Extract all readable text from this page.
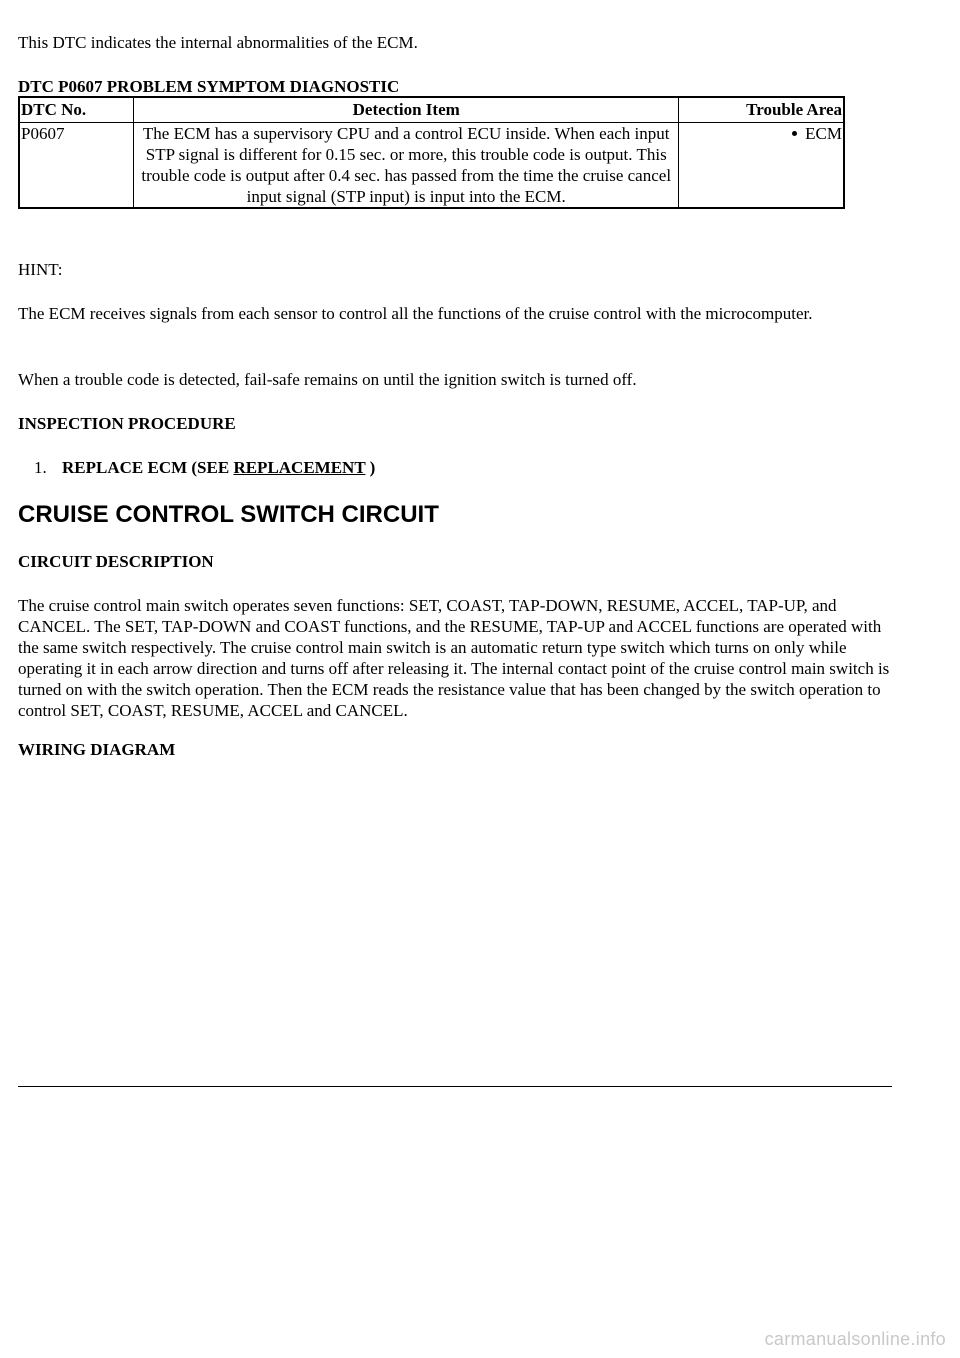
This DTC indicates the internal abnormalities of the ECM.

DTC P0607 PROBLEM SYMPTOM DIAGNOSTIC

DTC No.	Detection Item	Trouble Area
P0607	The ECM has a supervisory CPU and a control ECU inside. When each input STP signal is different for 0.15 sec. or more, this trouble code is output. This trouble code is output after 0.4 sec. has passed from the time the cruise cancel input signal (STP input) is input into the ECM.	ECM

HINT:

The ECM receives signals from each sensor to control all the functions of the cruise control with the microcomputer.

When a trouble code is detected, fail-safe remains on until the ignition switch is turned off.

INSPECTION PROCEDURE

1. REPLACE ECM (SEE REPLACEMENT )

CRUISE CONTROL SWITCH CIRCUIT

CIRCUIT DESCRIPTION

The cruise control main switch operates seven functions: SET, COAST, TAP-DOWN, RESUME, ACCEL, TAP-UP, and CANCEL. The SET, TAP-DOWN and COAST functions, and the RESUME, TAP-UP and ACCEL functions are operated with the same switch respectively. The cruise control main switch is an automatic return type switch which turns on only while operating it in each arrow direction and turns off after releasing it. The internal contact point of the cruise control main switch is turned on with the switch operation. Then the ECM reads the resistance value that has been changed by the switch operation to control SET, COAST, RESUME, ACCEL and CANCEL.

WIRING DIAGRAM

carmanualsonline.info
